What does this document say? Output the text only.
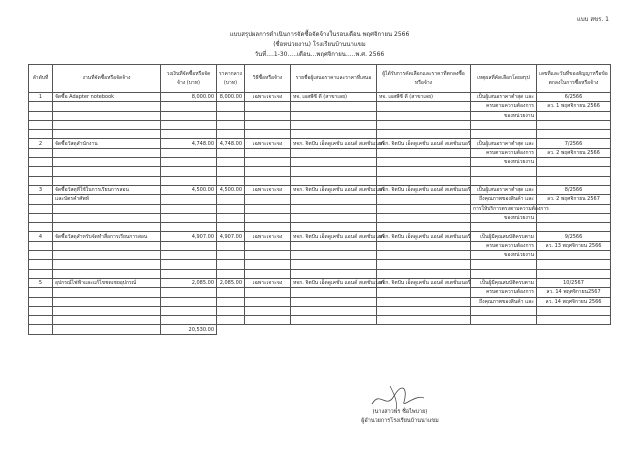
แบบ สขร. 1
แบบสรุปผลการดำเนินการจัดซื้อจัดจ้างในรอบเดือน พฤศจิกายน 2566
(ชื่อหน่วยงาน) โรงเรียนบ้านนาแขม
วันที่....1-30.....เดือน...พฤศจิกายน.....พ.ศ. 2566
ลำดับที่	งานที่จัดซื้อหรือจัดจ้าง	วงเงินที่จัดซื้อหรือจัดจ้าง (บาท)	ราคากลาง (บาท)	วิธีซื้อหรือจ้าง	รายชื่อผู้เสนอราคาและราคาที่เสนอ	ผู้ได้รับการคัดเลือกและราคาที่ตกลงซื้อหรือจ้าง	เหตุผลที่คัดเลือกโดยสรุป	เลขที่และวันที่ของสัญญาหรือข้อตกลงในการซื้อหรือจ้าง
1	จัดซื้อ Adapter notebook	8,000.00	8,000.00	เฉพาะเจาะจง	หจ. เอสพีซี ดี (สาขาเลย)	หจ. เอสพีซี ดี (สาขาเลย)	เป็นผู้เสนอราคาต่ำสุด และ	6/2566
							ครบตามความต้องการ	ลว. 1 พฤศจิกายน 2566
							ของหน่วยงาน	

2	จัดซื้อวัสดุสำนักงาน	4,748.00	4,748.00	เฉพาะเจาะจง	หจก. จิตปัน เอ็ดดูเคชั่น แอนด์ สเตชั่นเนอรี่	หจก. จิตปัน เอ็ดดูเคชั่น แอนด์ สเตชั่นเนอรี่	เป็นผู้เสนอราคาต่ำสุด และ	7/2566
							ครบตามความต้องการ	ลว. 2 พฤศจิกายน 2566
							ของหน่วยงาน	

3	จัดซื้อวัสดุที่ใช้ในการเรียนการสอน	4,500.00	4,500.00	เฉพาะเจาะจง	หจก. จิตปัน เอ็ดดูเคชั่น แอนด์ สเตชั่นเนอรี่	หจก. จิตปัน เอ็ดดูเคชั่น แอนด์ สเตชั่นเนอรี่	เป็นผู้เสนอราคาต่ำสุด และ	8/2566
	และบัตรคำศัพท์						ถึงคุณภาพของสินค้า และ	ลว. 2 พฤศจิกายน 2567
							การให้บริการตรงตามความต้องการ	
							ของหน่วยงาน	

4	จัดซื้อวัสดุสำหรับจัดทำสื่อการเรียนการสอน	4,907.00	4,907.00	เฉพาะเจาะจง	หจก. จิตปัน เอ็ดดูเคชั่น แอนด์ สเตชั่นเนอรี่	หจก. จิตปัน เอ็ดดูเคชั่น แอนด์ สเตชั่นเนอรี่	เป็นผู้มีคุณสมบัติครบตาม	9/2566
							ครบตามความต้องการ	ลว. 13 พฤศจิกายน 2566
							ของหน่วยงาน	

5	อุปกรณ์ไฟฟ้าและแก้ไขชดเชยอุปกรณ์	2,085.00	2,085.00	เฉพาะเจาะจง	หจก. จิตปัน เอ็ดดูเคชั่น แอนด์ สเตชั่นเนอรี่	หจก. จิตปัน เอ็ดดูเคชั่น แอนด์ สเตชั่นเนอรี่	เป็นผู้มีคุณสมบัติครบตาม	10/2567
							ครบตามความต้องการ	ลว. 14 พฤศจิกายน2567
							ถึงคุณภาพของสินค้า และ	ลว. 14 พฤศจิกายน 2566

		20,530.00						
(นางสาวพร ชื่อไพบาย)
ผู้อำนวยการโรงเรียนบ้านนาแขม
